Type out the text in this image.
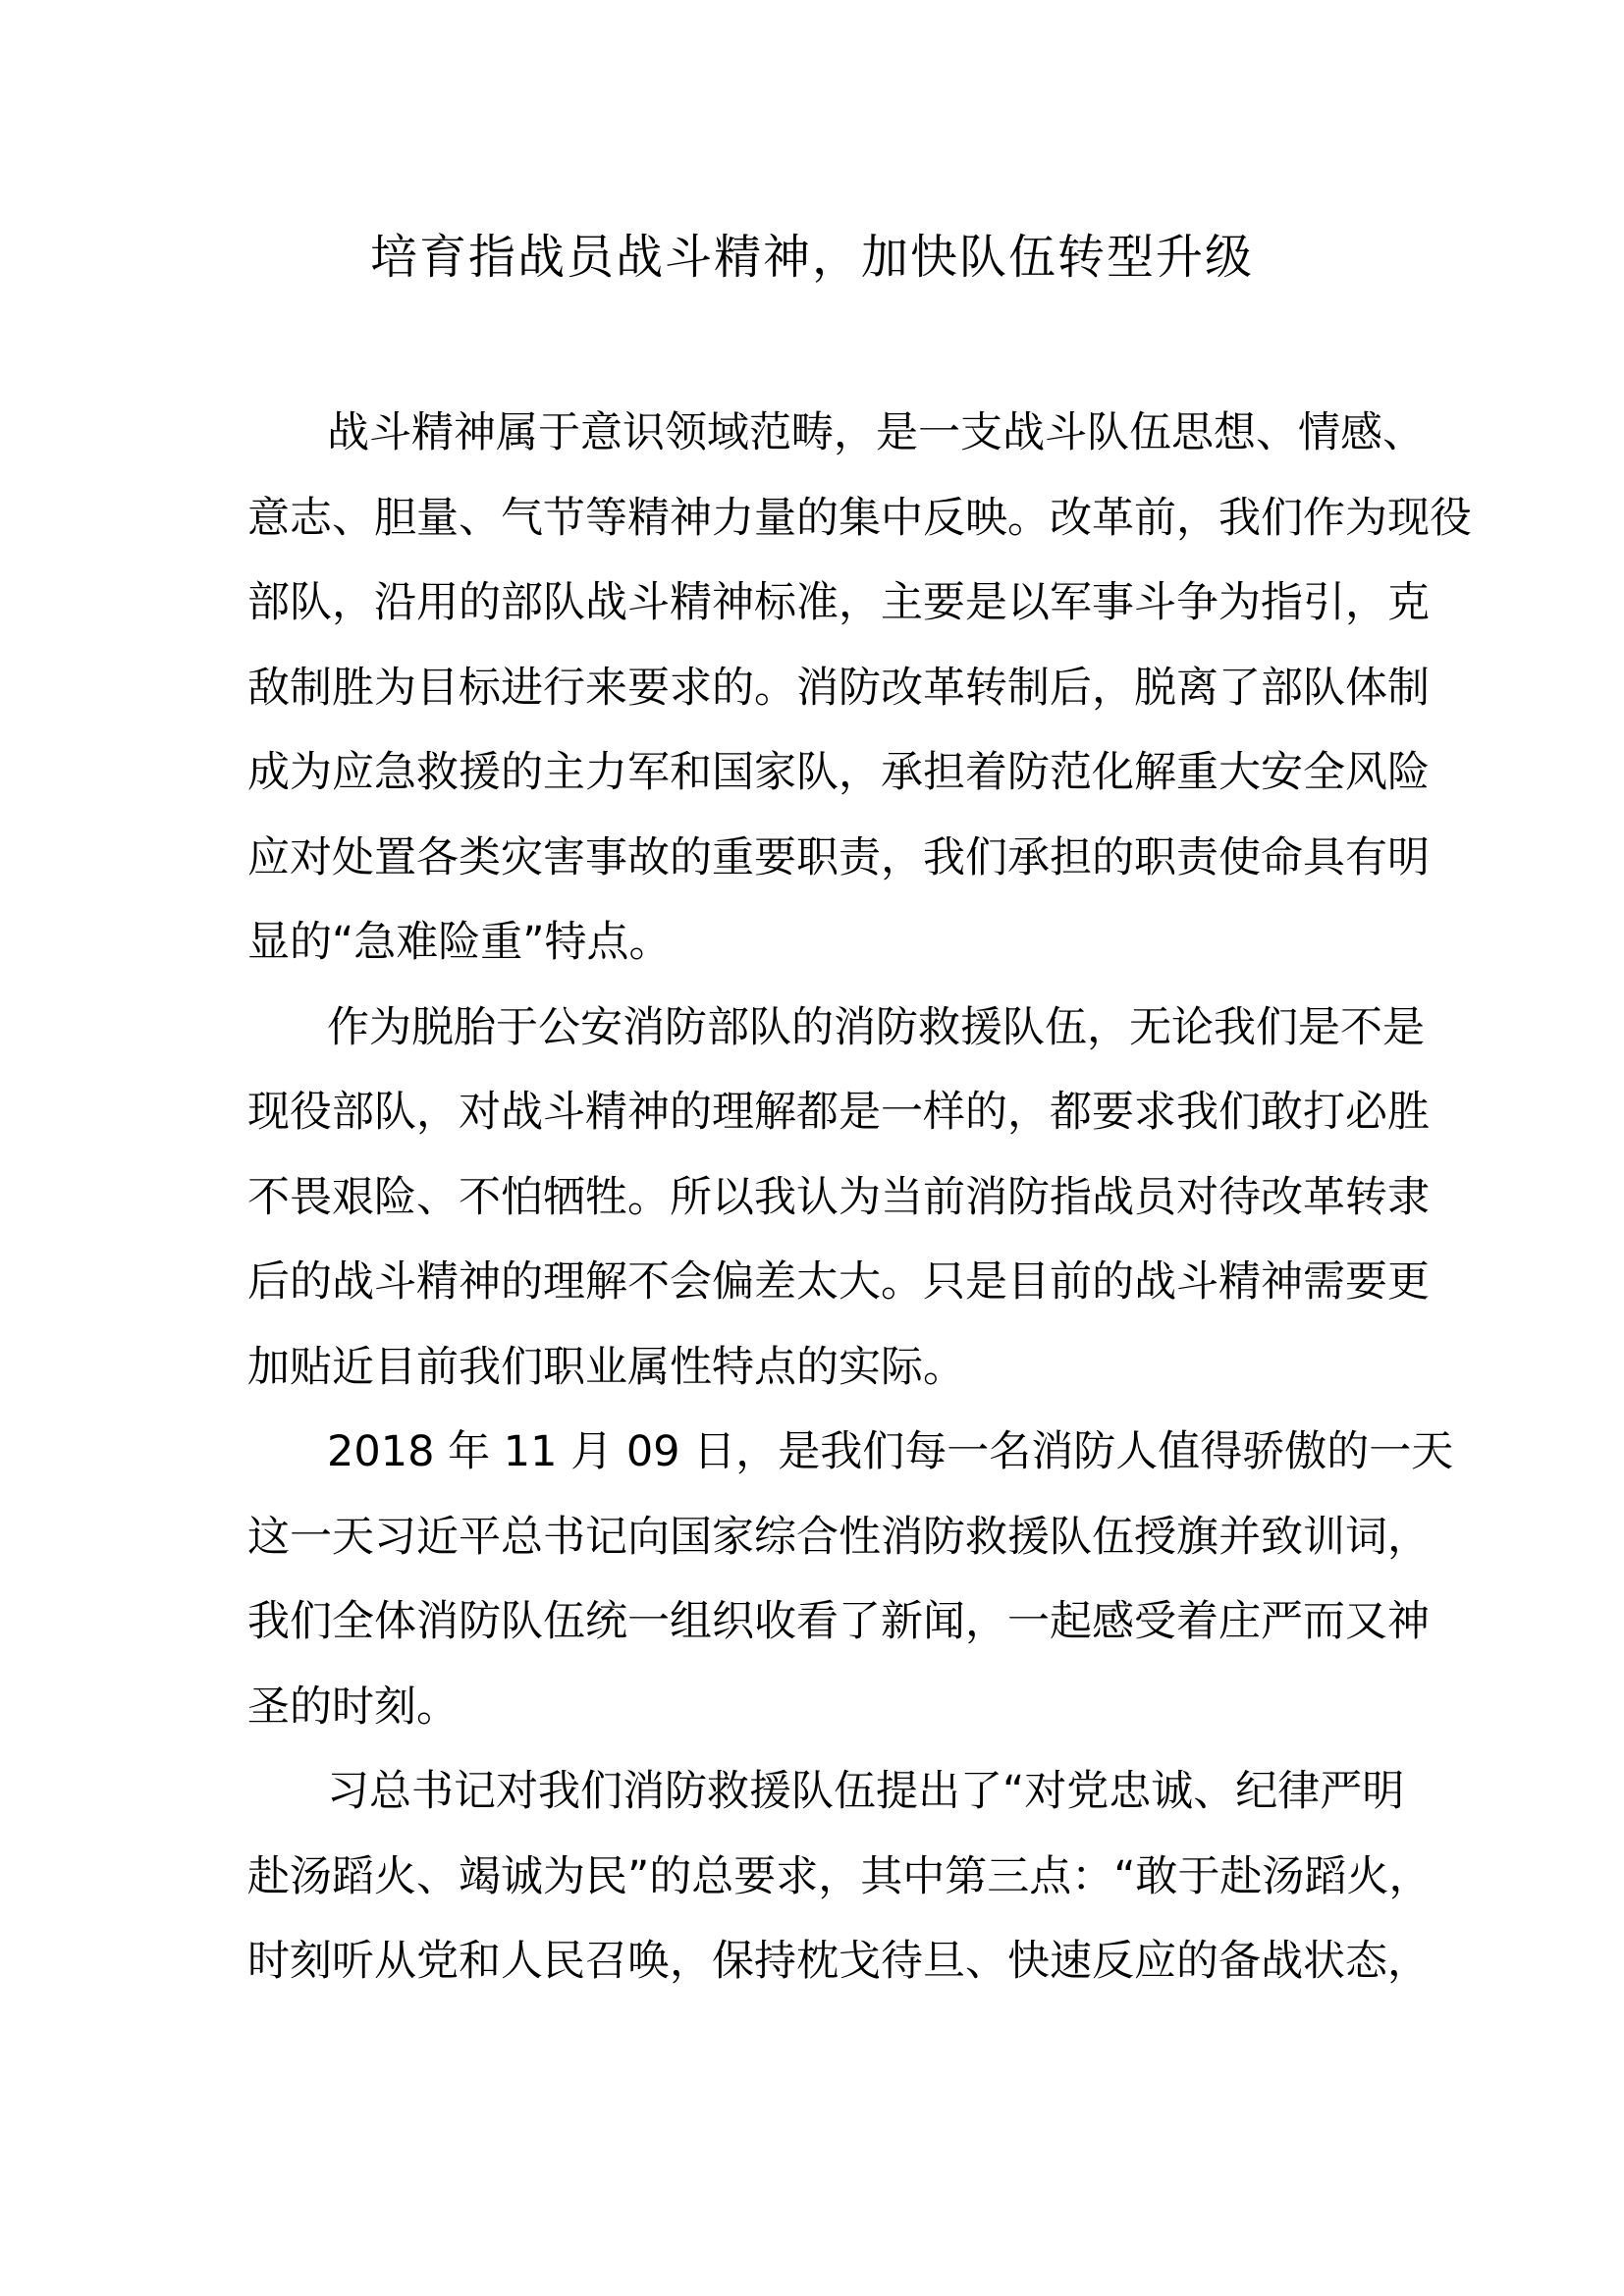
培育指战员战斗精神，加快队伍转型升级
战斗精神属于意识领域范畴，是一支战斗队伍思想、情感、
意志、胆量、气节等精神力量的集中反映。改革前，我们作为现役
部队，沿用的部队战斗精神标准，主要是以军事斗争为指引，克
敌制胜为目标进行来要求的。消防改革转制后，脱离了部队体制
成为应急救援的主力军和国家队，承担着防范化解重大安全风险
应对处置各类灾害事故的重要职责，我们承担的职责使命具有明
显的“急难险重”特点。
作为脱胎于公安消防部队的消防救援队伍，无论我们是不是
现役部队，对战斗精神的理解都是一样的，都要求我们敢打必胜
不畏艰险、不怕牺牲。所以我认为当前消防指战员对待改革转隶
后的战斗精神的理解不会偏差太大。只是目前的战斗精神需要更
加贴近目前我们职业属性特点的实际。
2018 年 11 月 09 日，是我们每一名消防人值得骄傲的一天
这一天习近平总书记向国家综合性消防救援队伍授旗并致训词，
我们全体消防队伍统一组织收看了新闻，一起感受着庄严而又神
圣的时刻。
习总书记对我们消防救援队伍提出了“对党忠诚、纪律严明
赴汤蹈火、竭诚为民”的总要求，其中第三点：“敢于赴汤蹈火，
时刻听从党和人民召唤，保持枕戈待旦、快速反应的备战状态，
